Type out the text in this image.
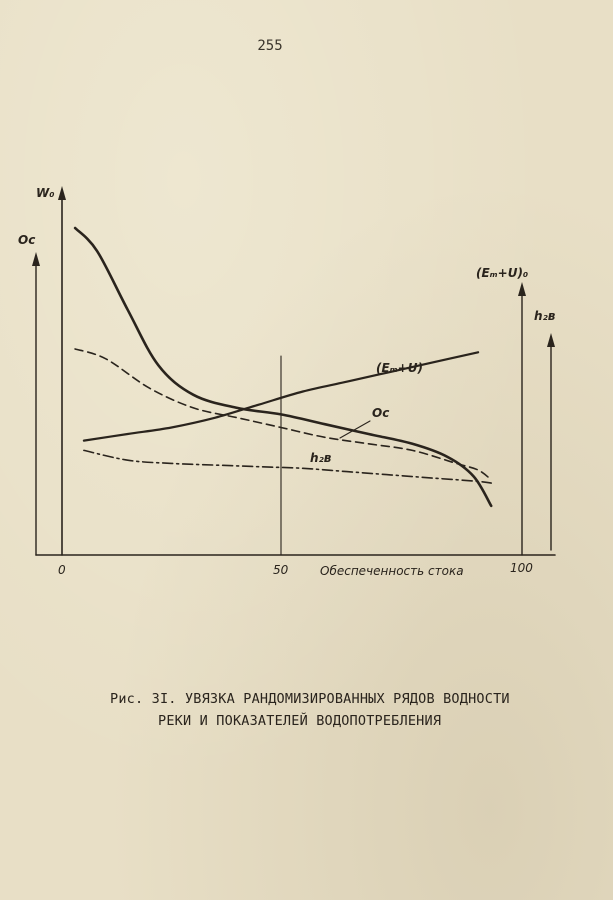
255
W₀
Oc
(Eₘ+U)₀
h₂в
0	50	100
Обеспеченность стока
(Eₘ+U)
Oc
h₂в
Рис. 3I. УВЯЗКА РАНДОМИЗИРОВАННЫХ РЯДОВ ВОДНОСТИ
РЕКИ И ПОКАЗАТЕЛЕЙ ВОДОПОТРЕБЛЕНИЯ
